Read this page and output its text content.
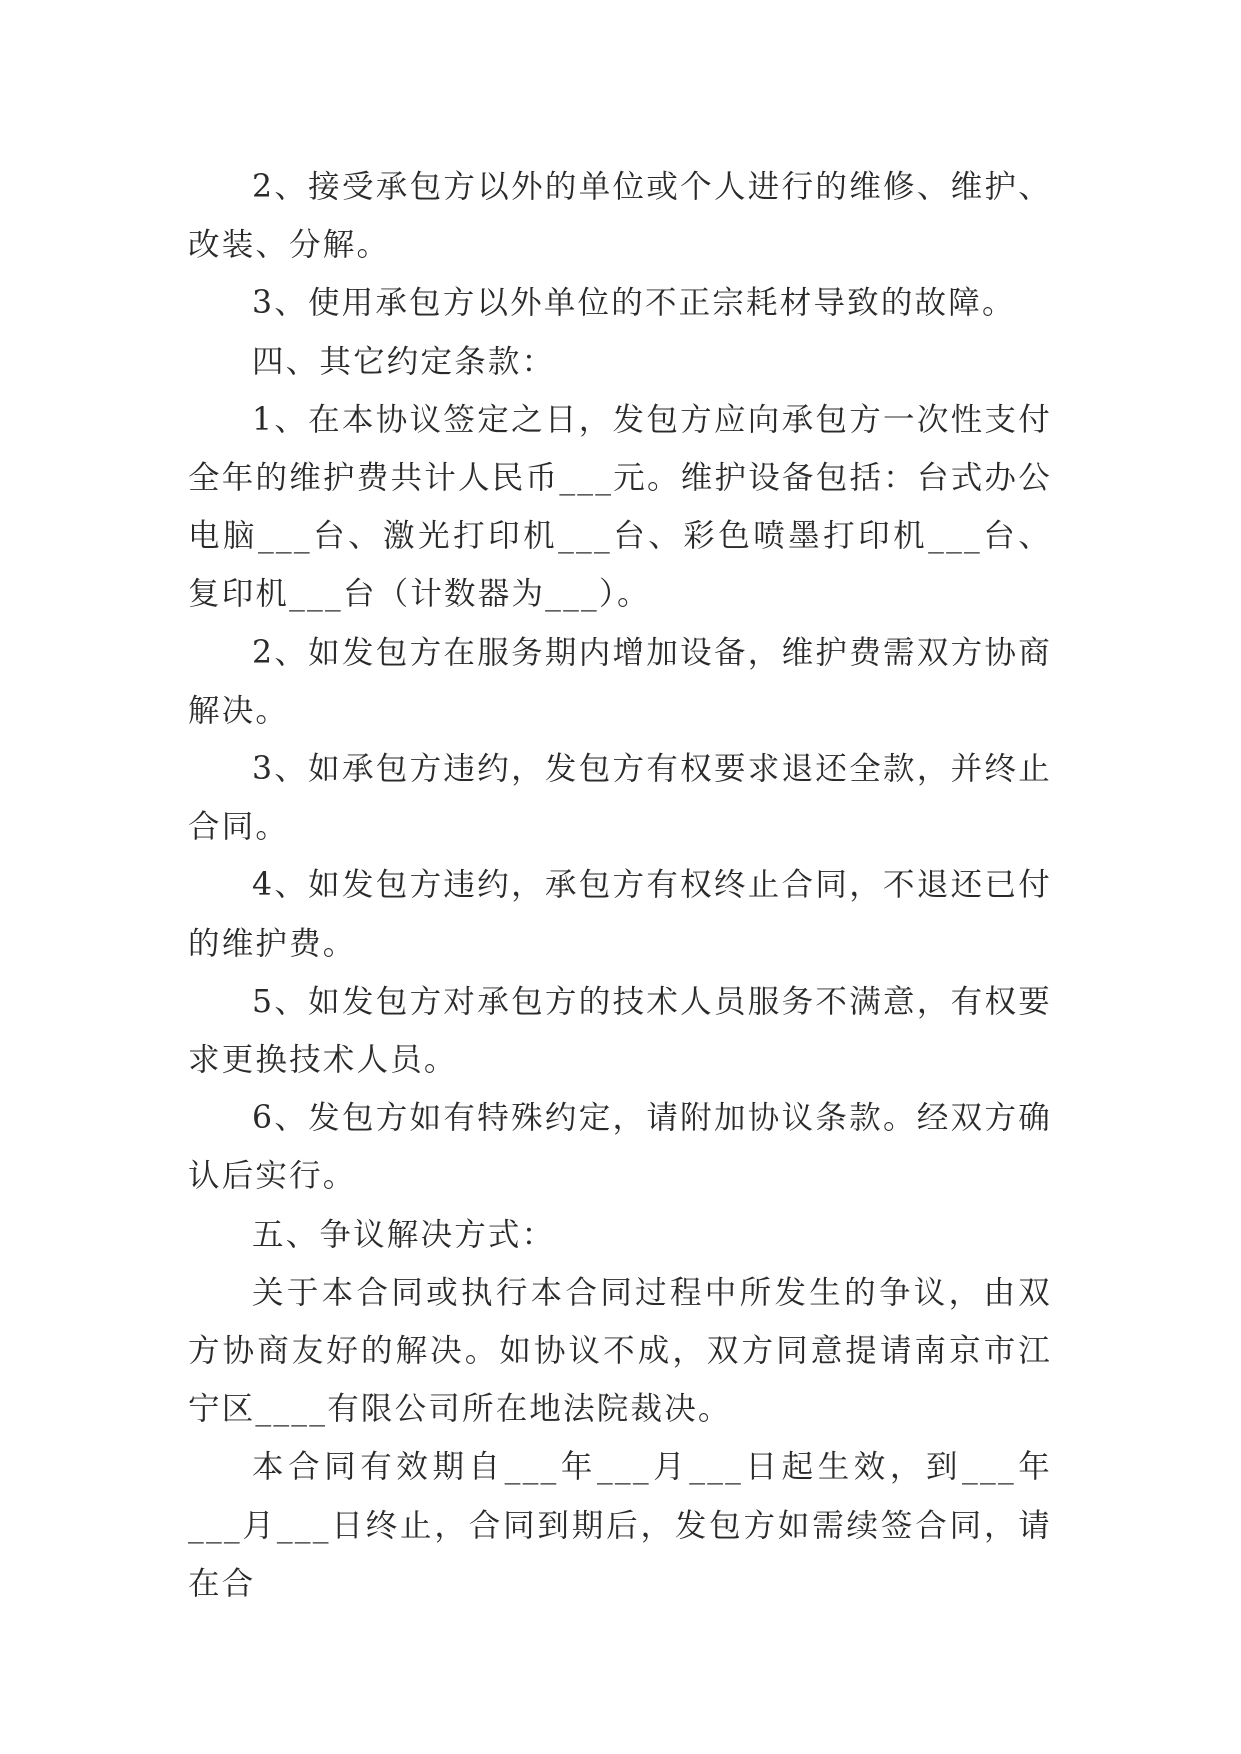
2、接受承包方以外的单位或个人进行的维修、维护、改装、分解。

3、使用承包方以外单位的不正宗耗材导致的故障。

四、其它约定条款：

1、在本协议签定之日，发包方应向承包方一次性支付全年的维护费共计人民币___元。维护设备包括：台式办公电脑___台、激光打印机___台、彩色喷墨打印机___台、复印机___台（计数器为___）。

2、如发包方在服务期内增加设备，维护费需双方协商解决。

3、如承包方违约，发包方有权要求退还全款，并终止合同。

4、如发包方违约，承包方有权终止合同，不退还已付的维护费。

5、如发包方对承包方的技术人员服务不满意，有权要求更换技术人员。

6、发包方如有特殊约定，请附加协议条款。经双方确认后实行。

五、争议解决方式：

关于本合同或执行本合同过程中所发生的争议，由双方协商友好的解决。如协议不成，双方同意提请南京市江宁区____有限公司所在地法院裁决。

本合同有效期自___年___月___日起生效，到___年___月___日终止，合同到期后，发包方如需续签合同，请在合
